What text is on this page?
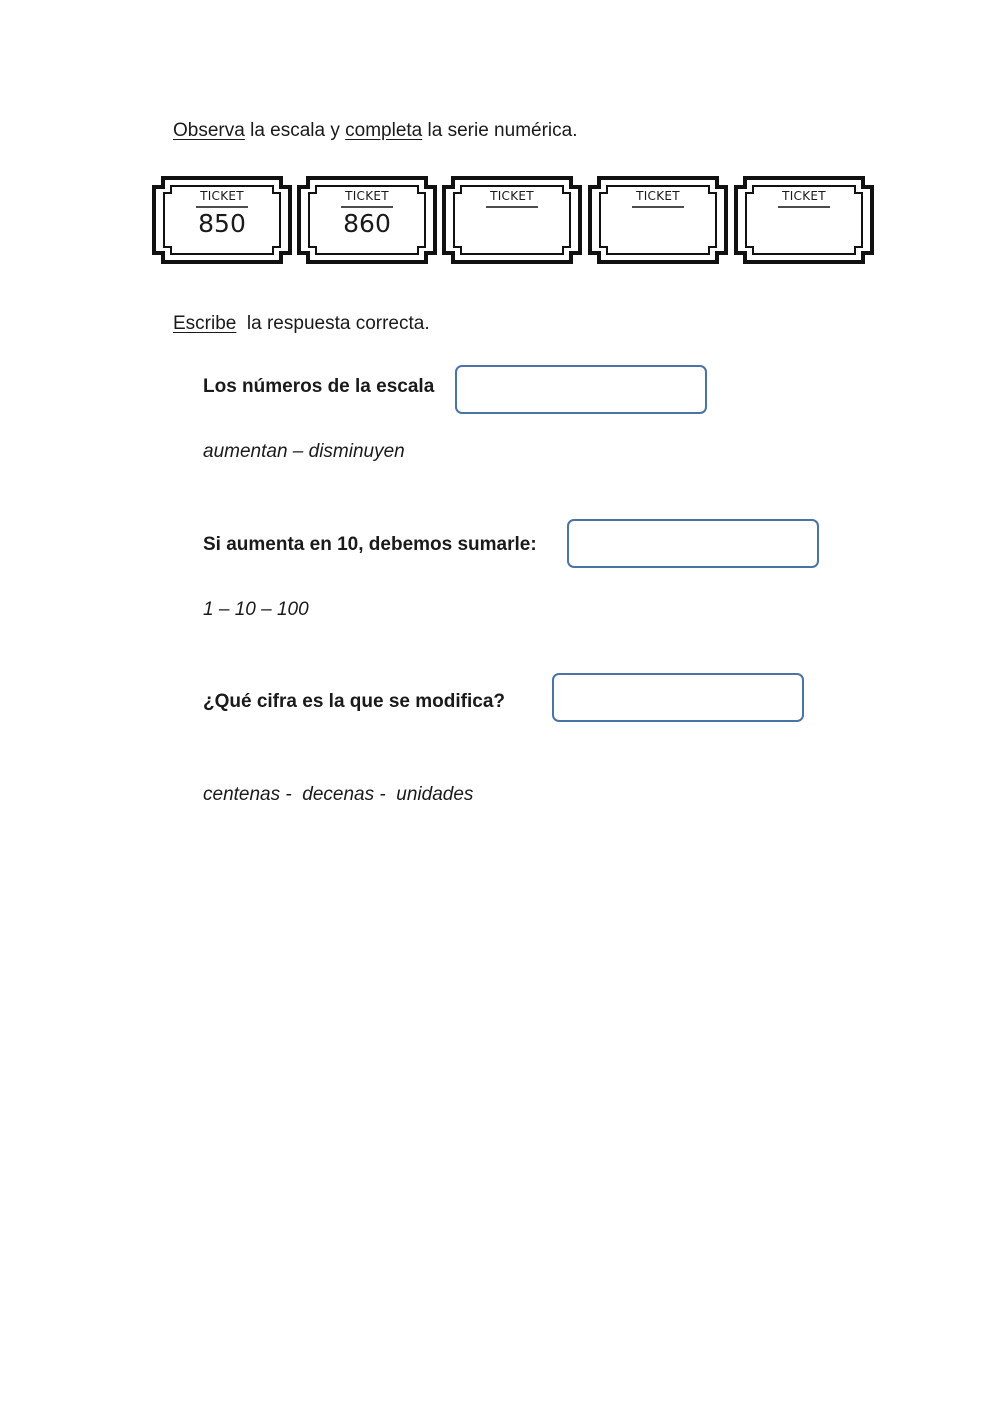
Observa la escala y completa la serie numérica.
TICKET
850
TICKET
860
TICKET	TICKET	TICKET
Escribe  la respuesta correcta.
Los números de la escala
aumentan – disminuyen
Si aumenta en 10, debemos sumarle:
1 – 10 – 100
¿Qué cifra es la que se modifica?
centenas -  decenas -  unidades
